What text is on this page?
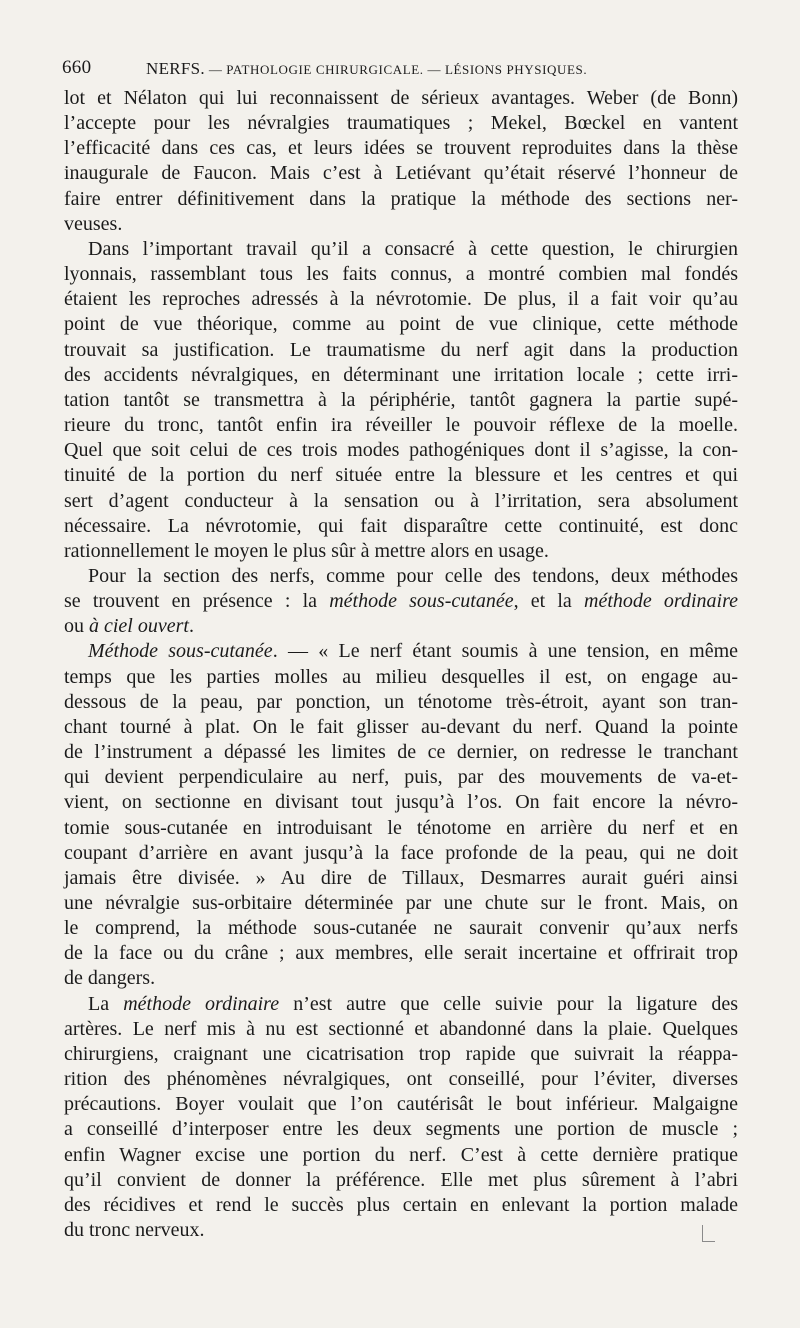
660	NERFS. — PATHOLOGIE CHIRURGICALE. — LÉSIONS PHYSIQUES.
lot et Nélaton qui lui reconnaissent de sérieux avantages. Weber (de Bonn)
l’accepte pour les névralgies traumatiques ; Mekel, Bœckel en vantent
l’efficacité dans ces cas, et leurs idées se trouvent reproduites dans la thèse
inaugurale de Faucon. Mais c’est à Letiévant qu’était réservé l’honneur de
faire entrer définitivement dans la pratique la méthode des sections ner-
veuses.
Dans l’important travail qu’il a consacré à cette question, le chirurgien
lyonnais, rassemblant tous les faits connus, a montré combien mal fondés
étaient les reproches adressés à la névrotomie. De plus, il a fait voir qu’au
point de vue théorique, comme au point de vue clinique, cette méthode
trouvait sa justification. Le traumatisme du nerf agit dans la production
des accidents névralgiques, en déterminant une irritation locale ; cette irri-
tation tantôt se transmettra à la périphérie, tantôt gagnera la partie supé-
rieure du tronc, tantôt enfin ira réveiller le pouvoir réflexe de la moelle.
Quel que soit celui de ces trois modes pathogéniques dont il s’agisse, la con-
tinuité de la portion du nerf située entre la blessure et les centres et qui
sert d’agent conducteur à la sensation ou à l’irritation, sera absolument
nécessaire. La névrotomie, qui fait disparaître cette continuité, est donc
rationnellement le moyen le plus sûr à mettre alors en usage.
Pour la section des nerfs, comme pour celle des tendons, deux méthodes
se trouvent en présence : la méthode sous-cutanée, et la méthode ordinaire
ou à ciel ouvert.
Méthode sous-cutanée. — « Le nerf étant soumis à une tension, en même
temps que les parties molles au milieu desquelles il est, on engage au-
dessous de la peau, par ponction, un ténotome très-étroit, ayant son tran-
chant tourné à plat. On le fait glisser au-devant du nerf. Quand la pointe
de l’instrument a dépassé les limites de ce dernier, on redresse le tranchant
qui devient perpendiculaire au nerf, puis, par des mouvements de va-et-
vient, on sectionne en divisant tout jusqu’à l’os. On fait encore la névro-
tomie sous-cutanée en introduisant le ténotome en arrière du nerf et en
coupant d’arrière en avant jusqu’à la face profonde de la peau, qui ne doit
jamais être divisée. » Au dire de Tillaux, Desmarres aurait guéri ainsi
une névralgie sus-orbitaire déterminée par une chute sur le front. Mais, on
le comprend, la méthode sous-cutanée ne saurait convenir qu’aux nerfs
de la face ou du crâne ; aux membres, elle serait incertaine et offrirait trop
de dangers.
La méthode ordinaire n’est autre que celle suivie pour la ligature des
artères. Le nerf mis à nu est sectionné et abandonné dans la plaie. Quelques
chirurgiens, craignant une cicatrisation trop rapide que suivrait la réappa-
rition des phénomènes névralgiques, ont conseillé, pour l’éviter, diverses
précautions. Boyer voulait que l’on cautérisât le bout inférieur. Malgaigne
a conseillé d’interposer entre les deux segments une portion de muscle ;
enfin Wagner excise une portion du nerf. C’est à cette dernière pratique
qu’il convient de donner la préférence. Elle met plus sûrement à l’abri
des récidives et rend le succès plus certain en enlevant la portion malade
du tronc nerveux.
